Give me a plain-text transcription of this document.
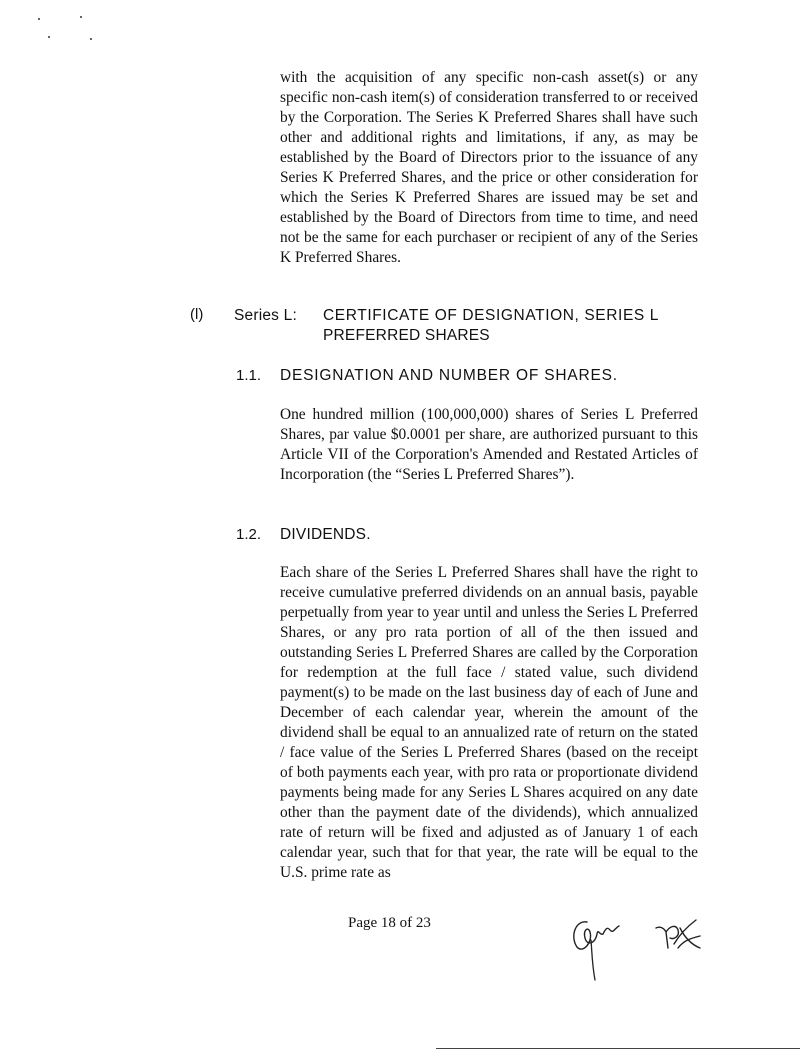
with the acquisition of any specific non-cash asset(s) or any specific non-cash item(s) of consideration transferred to or received by the Corporation. The Series K Preferred Shares shall have such other and additional rights and limitations, if any, as may be established by the Board of Directors prior to the issuance of any Series K Preferred Shares, and the price or other consideration for which the Series K Preferred Shares are issued may be set and established by the Board of Directors from time to time, and need not be the same for each purchaser or recipient of any of the Series K Preferred Shares.
(l) Series L: CERTIFICATE OF DESIGNATION, SERIES L
PREFERRED SHARES
1.1. DESIGNATION AND NUMBER OF SHARES.
One hundred million (100,000,000) shares of Series L Preferred Shares, par value $0.0001 per share, are authorized pursuant to this Article VII of the Corporation's Amended and Restated Articles of Incorporation (the “Series L Preferred Shares”).
1.2. DIVIDENDS.
Each share of the Series L Preferred Shares shall have the right to receive cumulative preferred dividends on an annual basis, payable perpetually from year to year until and unless the Series L Preferred Shares, or any pro rata portion of all of the then issued and outstanding Series L Preferred Shares are called by the Corporation for redemption at the full face / stated value, such dividend payment(s) to be made on the last business day of each of June and December of each calendar year, wherein the amount of the dividend shall be equal to an annualized rate of return on the stated / face value of the Series L Preferred Shares (based on the receipt of both payments each year, with pro rata or proportionate dividend payments being made for any Series L Shares acquired on any date other than the payment date of the dividends), which annualized rate of return will be fixed and adjusted as of January 1 of each calendar year, such that for that year, the rate will be equal to the U.S. prime rate as
Page 18 of 23
